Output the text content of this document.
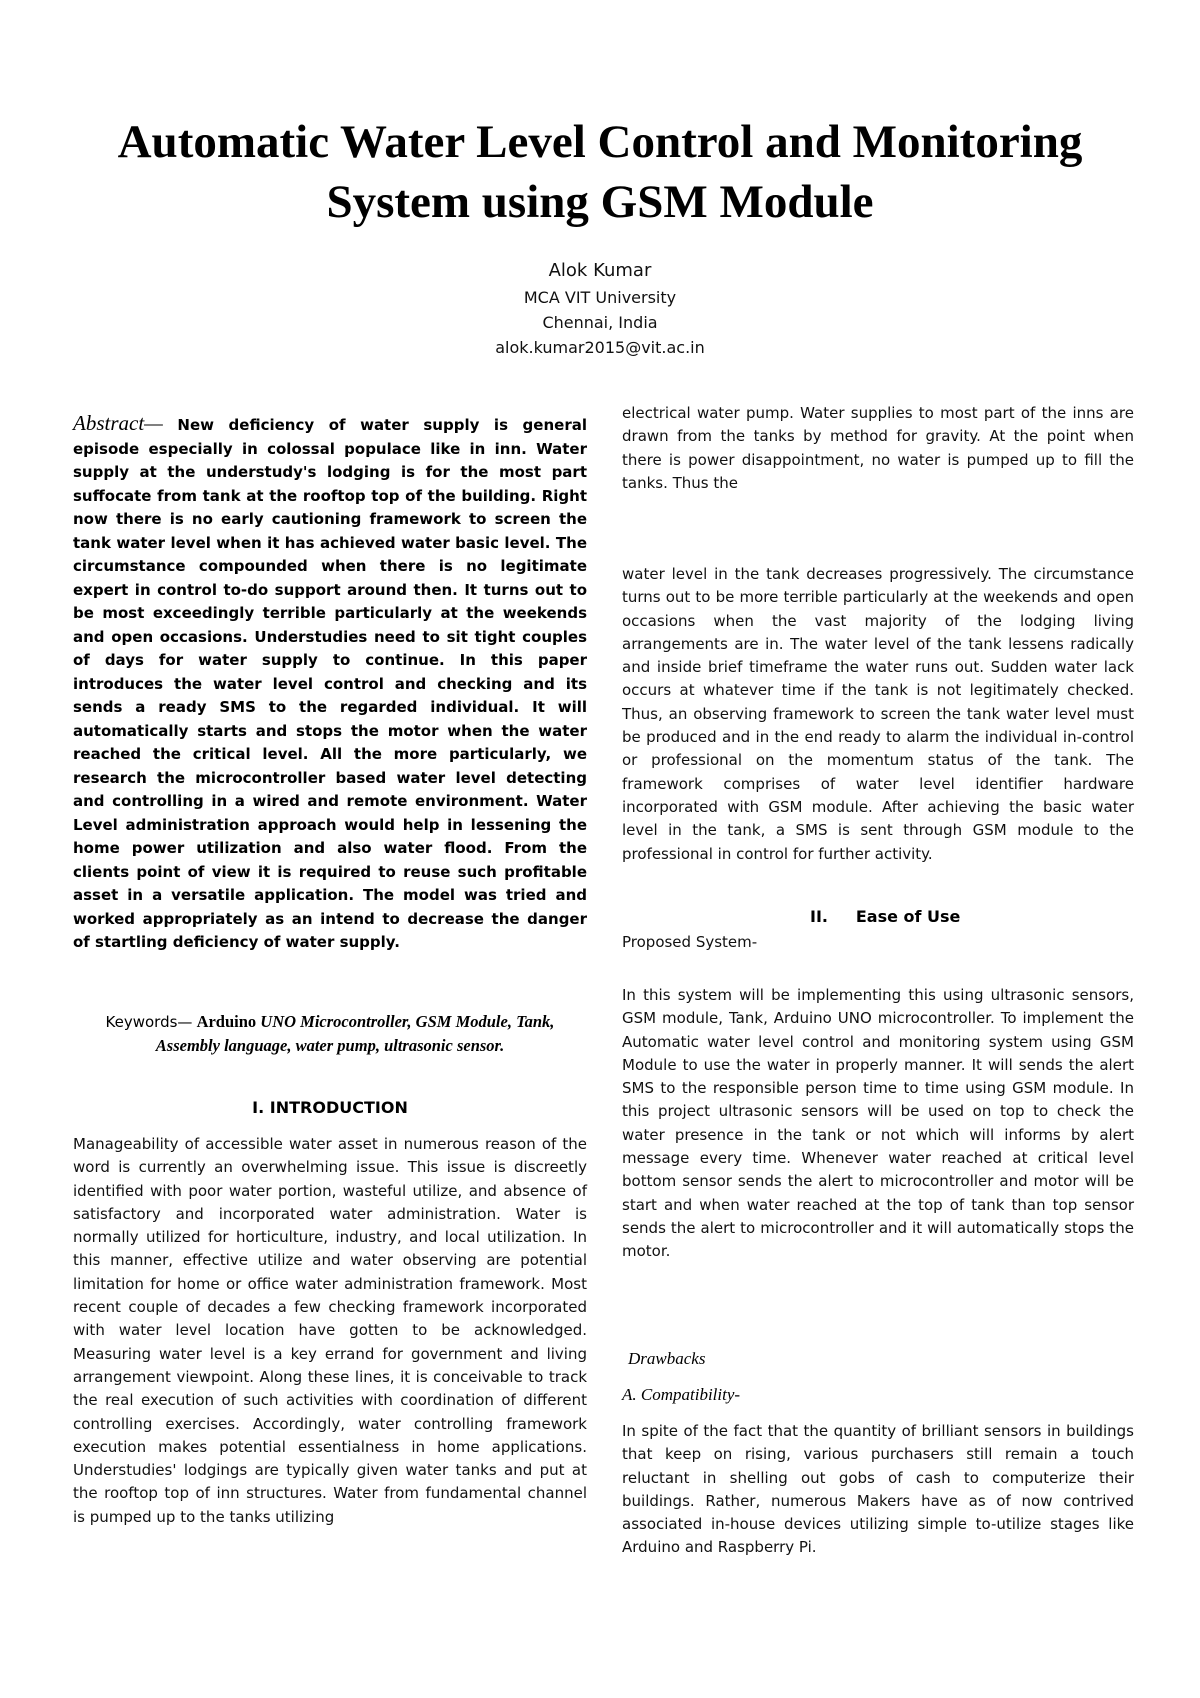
Automatic Water Level Control and Monitoring System using GSM Module
Alok Kumar
MCA VIT University
Chennai, India
alok.kumar2015@vit.ac.in

Abstract— New deficiency of water supply is general episode especially in colossal populace like in inn. Water supply at the understudy's lodging is for the most part suffocate from tank at the rooftop top of the building. Right now there is no early cautioning framework to screen the tank water level when it has achieved water basic level. The circumstance compounded when there is no legitimate expert in control to-do support around then. It turns out to be most exceedingly terrible particularly at the weekends and open occasions. Understudies need to sit tight couples of days for water supply to continue. In this paper introduces the water level control and checking and its sends a ready SMS to the regarded individual. It will automatically starts and stops the motor when the water reached the critical level. All the more particularly, we research the microcontroller based water level detecting and controlling in a wired and remote environment. Water Level administration approach would help in lessening the home power utilization and also water flood. From the clients point of view it is required to reuse such profitable asset in a versatile application. The model was tried and worked appropriately as an intend to decrease the danger of startling deficiency of water supply.

Keywords— Arduino UNO Microcontroller, GSM Module, Tank, Assembly language, water pump, ultrasonic sensor.

I. INTRODUCTION

Manageability of accessible water asset in numerous reason of the word is currently an overwhelming issue. This issue is discreetly identified with poor water portion, wasteful utilize, and absence of satisfactory and incorporated water administration. Water is normally utilized for horticulture, industry, and local utilization. In this manner, effective utilize and water observing are potential limitation for home or office water administration framework. Most recent couple of decades a few checking framework incorporated with water level location have gotten to be acknowledged. Measuring water level is a key errand for government and living arrangement viewpoint. Along these lines, it is conceivable to track the real execution of such activities with coordination of different controlling exercises. Accordingly, water controlling framework execution makes potential essentialness in home applications. Understudies' lodgings are typically given water tanks and put at the rooftop top of inn structures. Water from fundamental channel is pumped up to the tanks utilizing

electrical water pump. Water supplies to most part of the inns are drawn from the tanks by method for gravity. At the point when there is power disappointment, no water is pumped up to fill the tanks. Thus the

water level in the tank decreases progressively. The circumstance turns out to be more terrible particularly at the weekends and open occasions when the vast majority of the lodging living arrangements are in. The water level of the tank lessens radically and inside brief timeframe the water runs out. Sudden water lack occurs at whatever time if the tank is not legitimately checked. Thus, an observing framework to screen the tank water level must be produced and in the end ready to alarm the individual in-control or professional on the momentum status of the tank. The framework comprises of water level identifier hardware incorporated with GSM module. After achieving the basic water level in the tank, a SMS is sent through GSM module to the professional in control for further activity.

II.     Ease of Use

Proposed System-

In this system will be implementing this using ultrasonic sensors, GSM module, Tank, Arduino UNO microcontroller. To implement the Automatic water level control and monitoring system using GSM Module to use the water in properly manner. It will sends the alert SMS to the responsible person time to time using GSM module. In this project ultrasonic sensors will be used on top to check the water presence in the tank or not which will informs by alert message every time. Whenever water reached at critical level bottom sensor sends the alert to microcontroller and motor will be start and when water reached at the top of tank than top sensor sends the alert to microcontroller and it will automatically stops the motor.

Drawbacks

A. Compatibility-

In spite of the fact that the quantity of brilliant sensors in buildings that keep on rising, various purchasers still remain a touch reluctant in shelling out gobs of cash to computerize their buildings. Rather, numerous Makers have as of now contrived associated in-house devices utilizing simple to-utilize stages like Arduino and Raspberry Pi.
